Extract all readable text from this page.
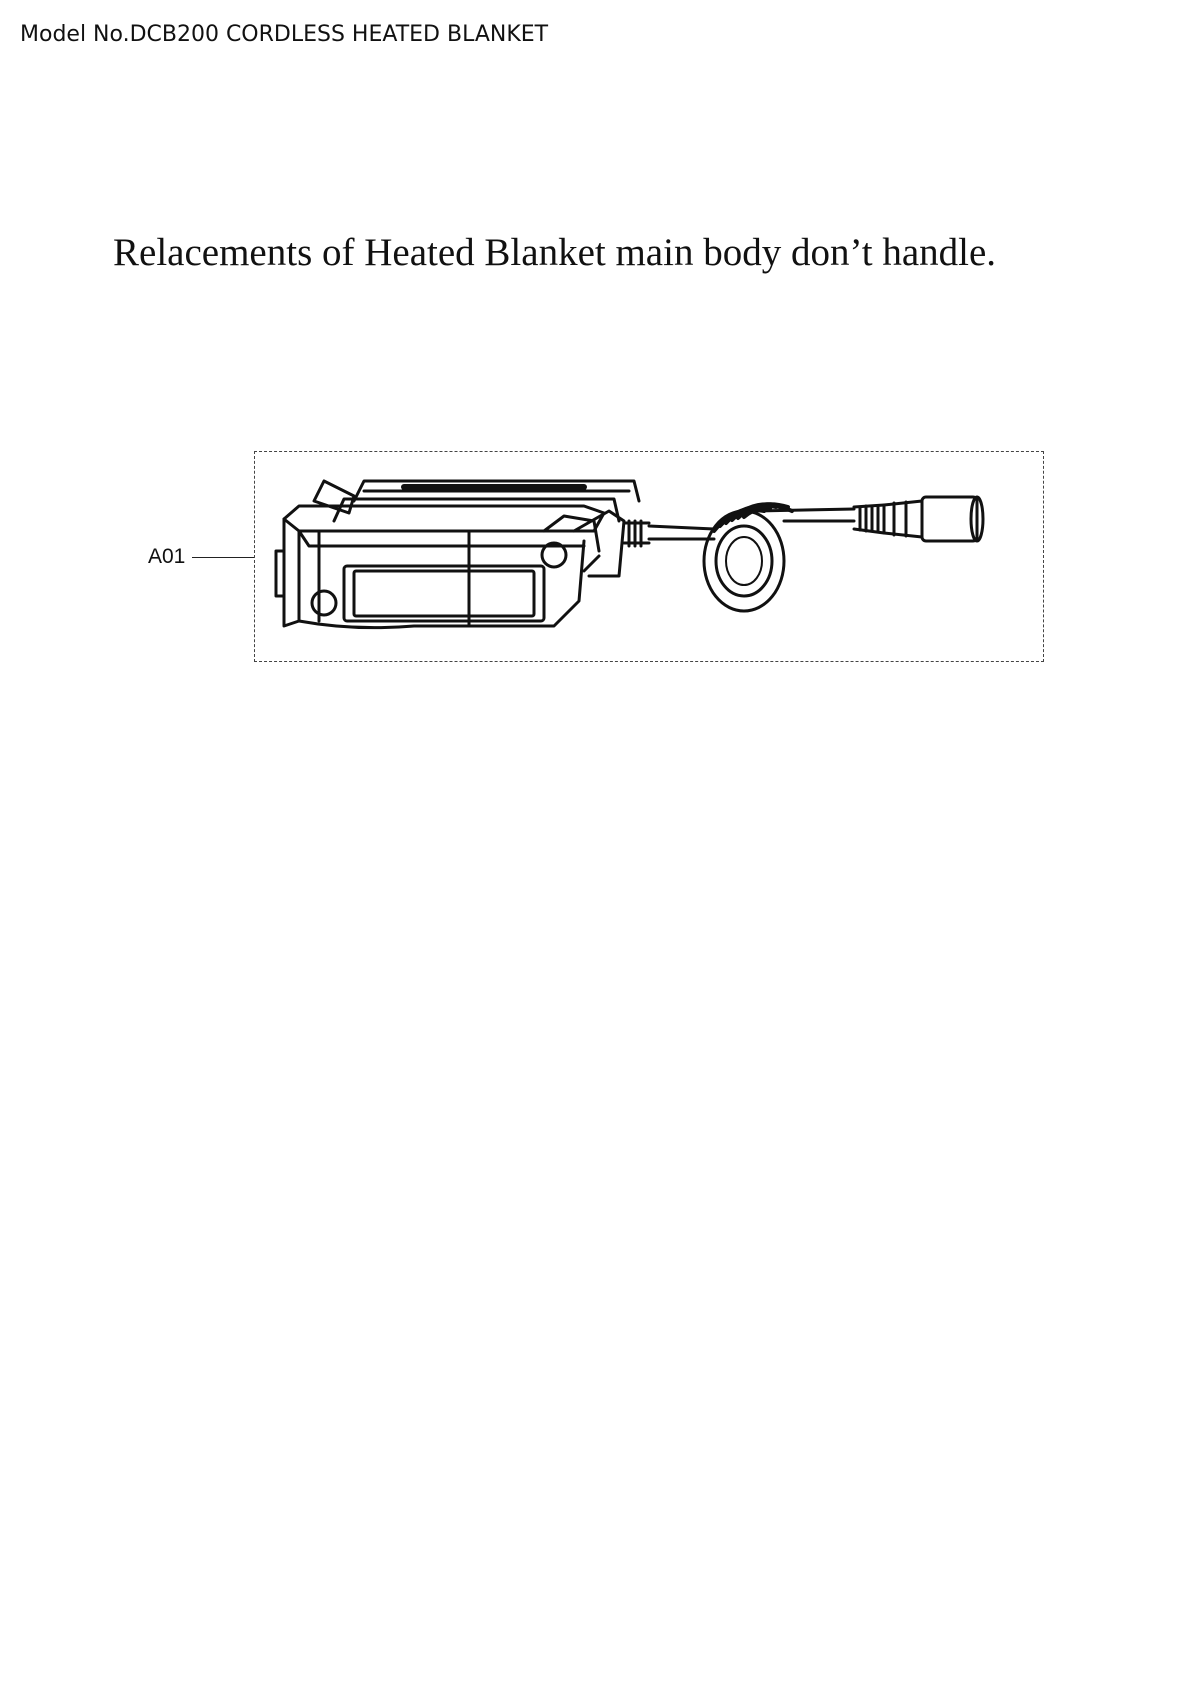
Model No.DCB200 CORDLESS HEATED BLANKET
Relacements of Heated Blanket main body don’t handle.
A01
